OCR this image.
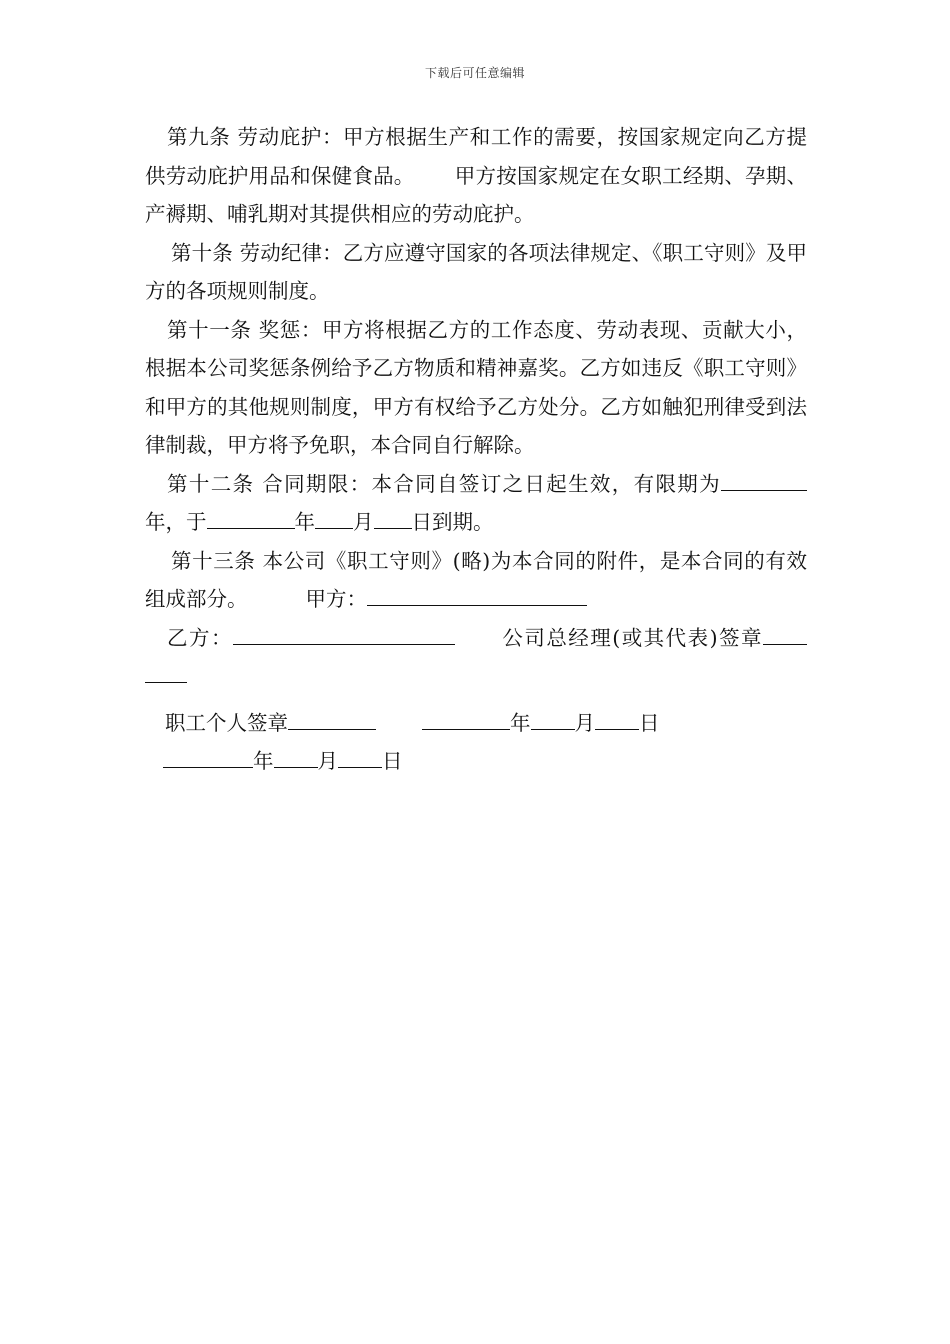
下载后可任意编辑

第九条 劳动庇护：甲方根据生产和工作的需要，按国家规定向乙方提供劳动庇护用品和保健食品。 甲方按国家规定在女职工经期、孕期、产褥期、哺乳期对其提供相应的劳动庇护。

第十条 劳动纪律：乙方应遵守国家的各项法律规定、《职工守则》及甲方的各项规则制度。

第十一条 奖惩：甲方将根据乙方的工作态度、劳动表现、贡献大小，根据本公司奖惩条例给予乙方物质和精神嘉奖。乙方如违反《职工守则》和甲方的其他规则制度，甲方有权给予乙方处分。乙方如触犯刑律受到法律制裁，甲方将予免职，本合同自行解除。

第十二条 合同期限：本合同自签订之日起生效，有限期为年，于	年 月 日到期。

第十三条 本公司《职工守则》(略)为本合同的附件，是本合同的有效组成部分。	甲方：

乙方：	公司总经理(或其代表)签章

职工个人签章	年 月 日

年 月 日
